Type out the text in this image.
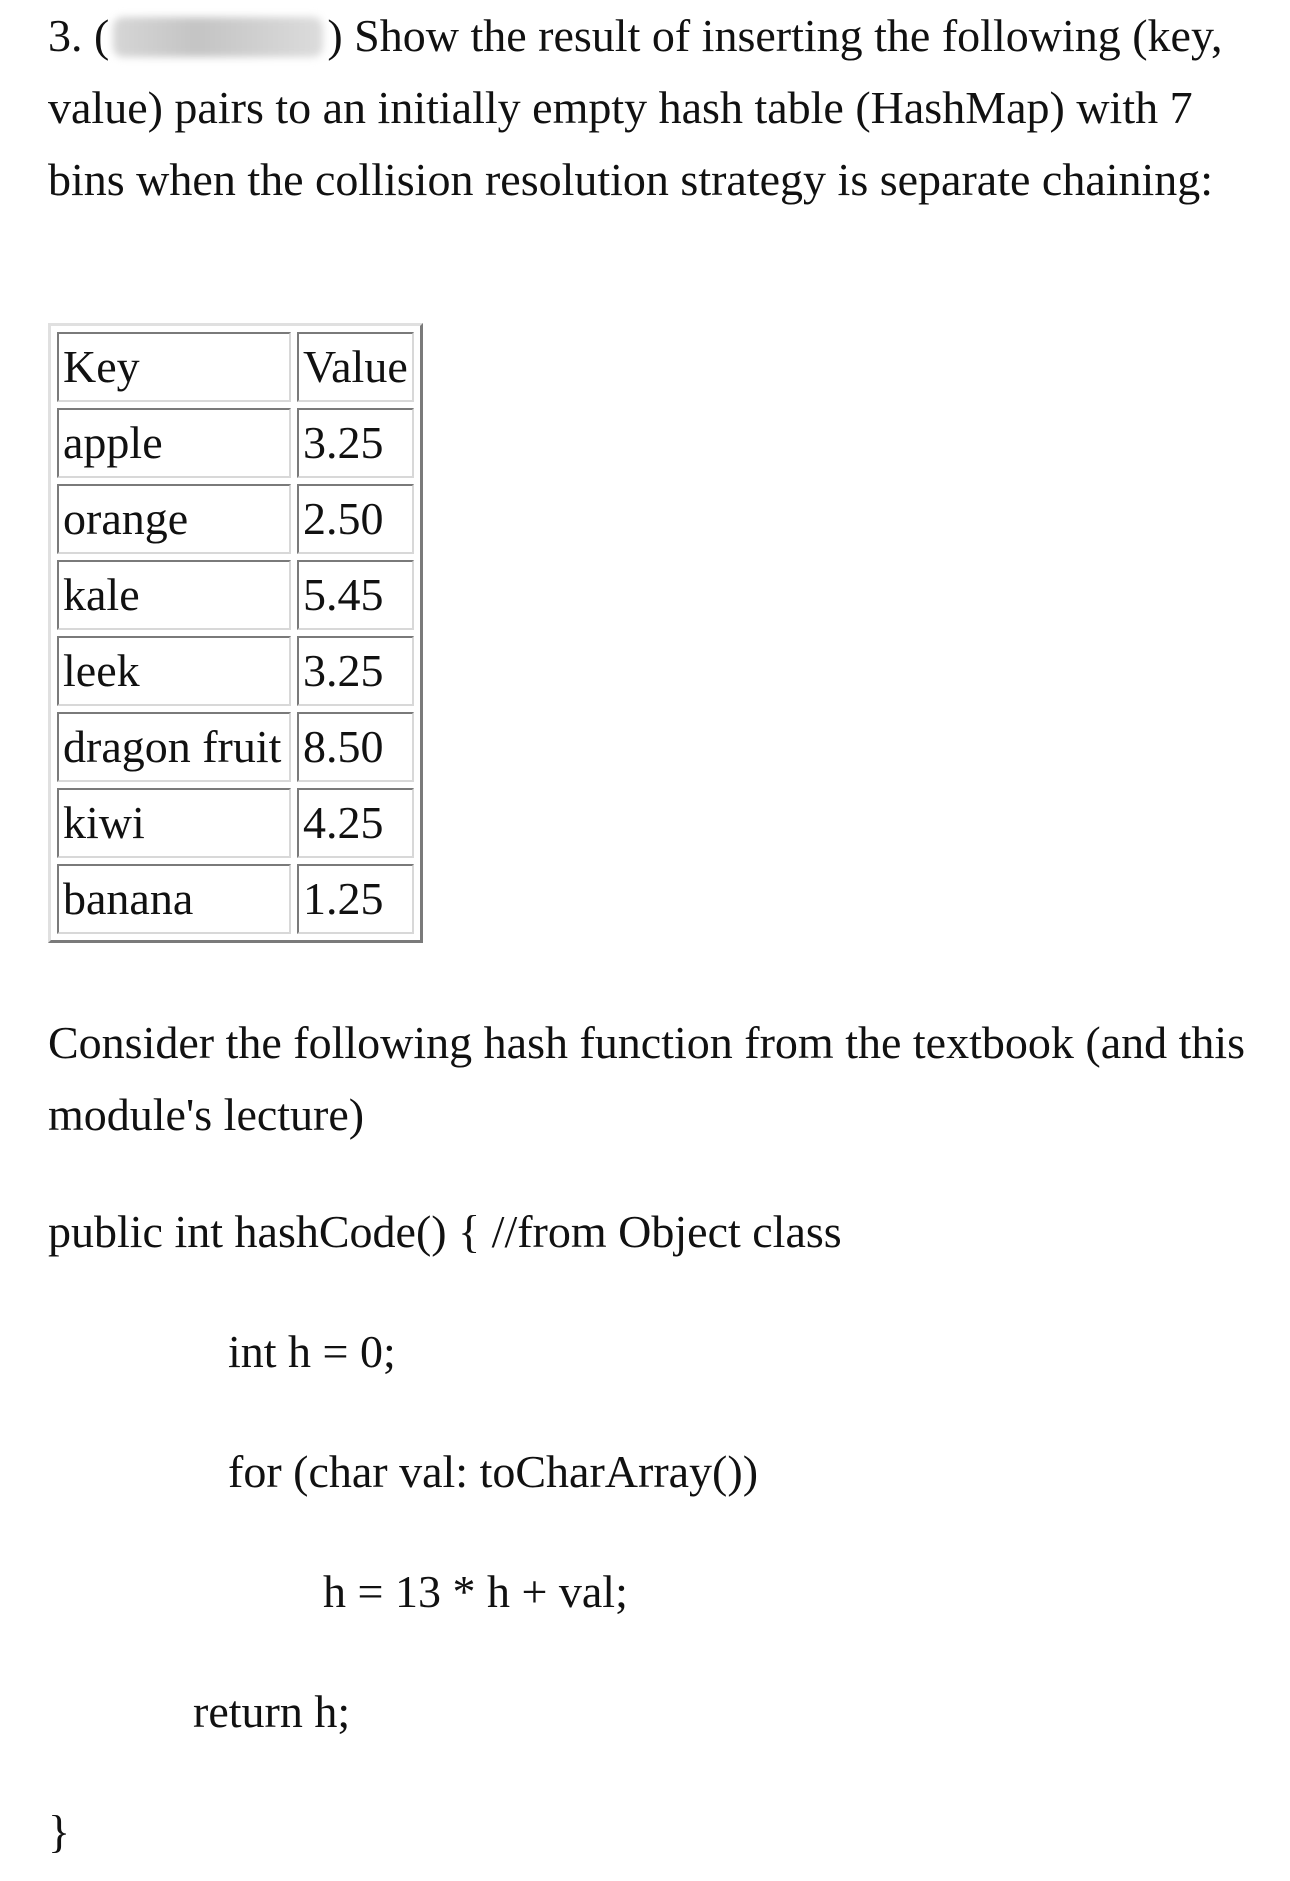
3. (	) Show the result of inserting the following (key, value) pairs to an initially empty hash table (HashMap) with 7 bins when the collision resolution strategy is separate chaining:
Key	Value
apple	3.25
orange	2.50
kale	5.45
leek	3.25
dragon fruit	8.50
kiwi	4.25
banana	1.25
Consider the following hash function from the textbook (and this module's lecture)
public int hashCode() { //from Object class
int h = 0;
for (char val: toCharArray())
h = 13 * h + val;
return h;
}
